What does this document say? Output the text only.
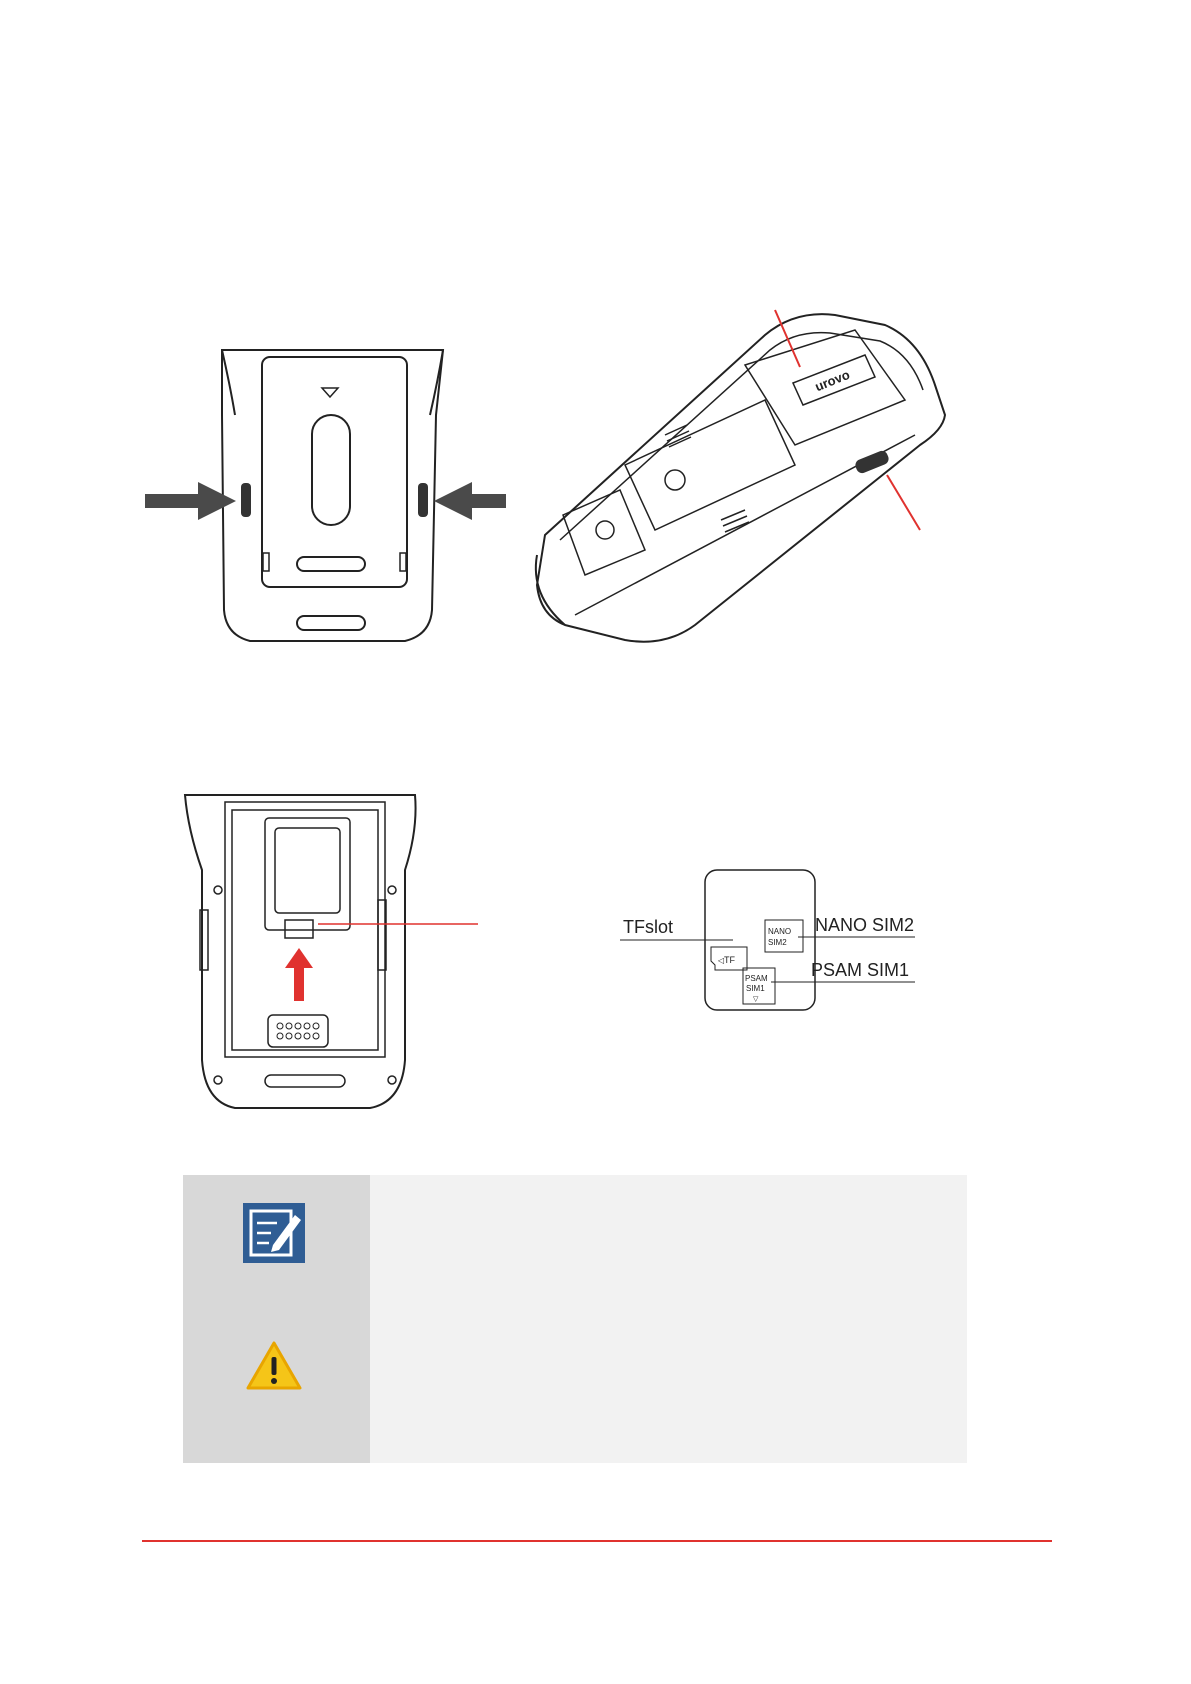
urovo
TF
◁
NANO
SIM2
PSAM
SIM1
▽
TFslot	NANO SIM2
PSAM SIM1
